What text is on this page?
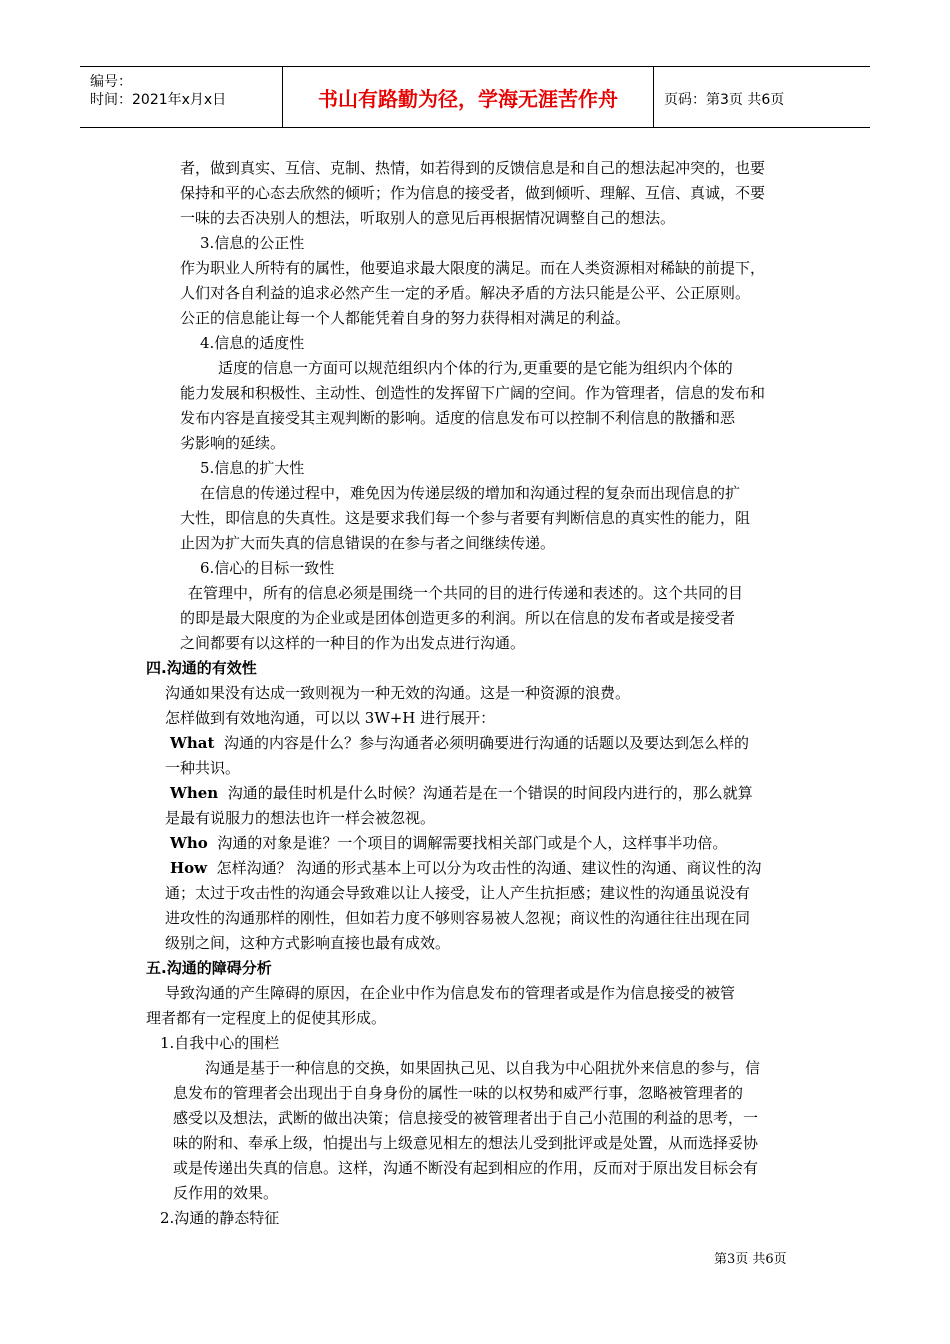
编号：
时间：2021年x月x日	书山有路勤为径，学海无涯苦作舟	页码：第3页 共6页
者，做到真实、互信、克制、热情，如若得到的反馈信息是和自己的想法起冲突的，也要
保持和平的心态去欣然的倾听；作为信息的接受者，做到倾听、理解、互信、真诚，不要
一味的去否决别人的想法，听取别人的意见后再根据情况调整自己的想法。
3.信息的公正性
作为职业人所特有的属性，他要追求最大限度的满足。而在人类资源相对稀缺的前提下，
人们对各自利益的追求必然产生一定的矛盾。解决矛盾的方法只能是公平、公正原则。
公正的信息能让每一个人都能凭着自身的努力获得相对满足的利益。
4.信息的适度性
适度的信息一方面可以规范组织内个体的行为,更重要的是它能为组织内个体的
能力发展和积极性、主动性、创造性的发挥留下广阔的空间。作为管理者，信息的发布和
发布内容是直接受其主观判断的影响。适度的信息发布可以控制不利信息的散播和恶
劣影响的延续。
5.信息的扩大性
在信息的传递过程中，难免因为传递层级的增加和沟通过程的复杂而出现信息的扩
大性，即信息的失真性。这是要求我们每一个参与者要有判断信息的真实性的能力，阻
止因为扩大而失真的信息错误的在参与者之间继续传递。
6.信心的目标一致性
在管理中，所有的信息必须是围绕一个共同的目的进行传递和表述的。这个共同的目
的即是最大限度的为企业或是团体创造更多的利润。所以在信息的发布者或是接受者
之间都要有以这样的一种目的作为出发点进行沟通。
四.沟通的有效性
沟通如果没有达成一致则视为一种无效的沟通。这是一种资源的浪费。
怎样做到有效地沟通，可以以 3W+H 进行展开：
What 沟通的内容是什么？参与沟通者必须明确要进行沟通的话题以及要达到怎么样的
一种共识。
When 沟通的最佳时机是什么时候？沟通若是在一个错误的时间段内进行的，那么就算
是最有说服力的想法也许一样会被忽视。
Who 沟通的对象是谁？一个项目的调解需要找相关部门或是个人，这样事半功倍。
How 怎样沟通？ 沟通的形式基本上可以分为攻击性的沟通、建议性的沟通、商议性的沟
通；太过于攻击性的沟通会导致难以让人接受，让人产生抗拒感；建议性的沟通虽说没有
进攻性的沟通那样的刚性，但如若力度不够则容易被人忽视；商议性的沟通往往出现在同
级别之间，这种方式影响直接也最有成效。
五.沟通的障碍分析
导致沟通的产生障碍的原因，在企业中作为信息发布的管理者或是作为信息接受的被管
理者都有一定程度上的促使其形成。
1.自我中心的围栏
沟通是基于一种信息的交换，如果固执己见、以自我为中心阻扰外来信息的参与，信
息发布的管理者会出现出于自身身份的属性一味的以权势和威严行事，忽略被管理者的
感受以及想法，武断的做出决策；信息接受的被管理者出于自己小范围的利益的思考，一
味的附和、奉承上级，怕提出与上级意见相左的想法儿受到批评或是处置，从而选择妥协
或是传递出失真的信息。这样，沟通不断没有起到相应的作用，反而对于原出发目标会有
反作用的效果。
2.沟通的静态特征
第3页 共6页
